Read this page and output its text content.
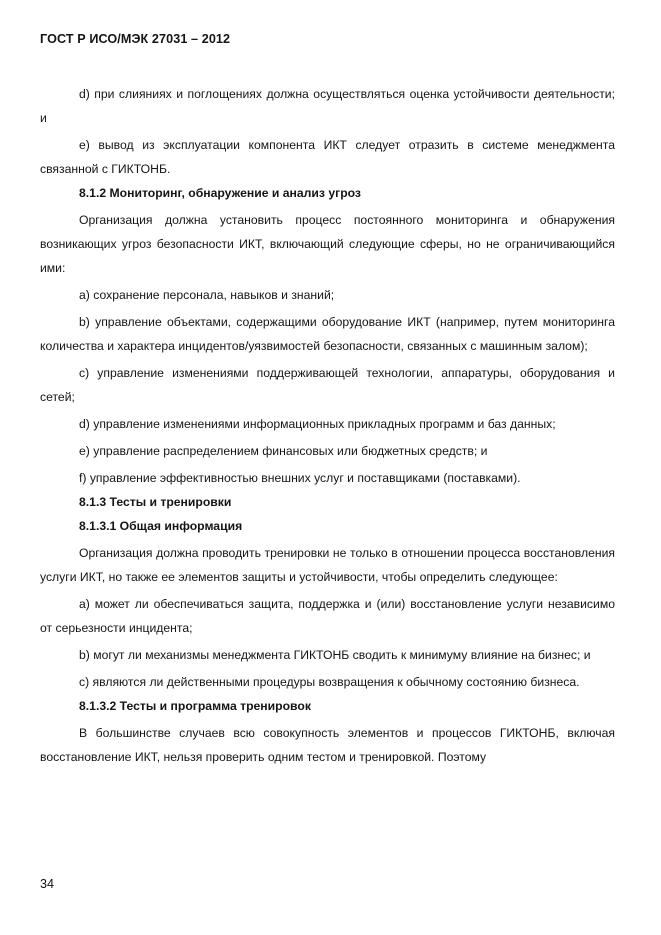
ГОСТ Р ИСО/МЭК 27031 – 2012

d) при слияниях и поглощениях должна осуществляться оценка устойчивости деятельности; и

e) вывод из эксплуатации компонента ИКТ следует отразить в системе менеджмента связанной с ГИКТОНБ.

8.1.2 Мониторинг, обнаружение и анализ угроз

Организация должна установить процесс постоянного мониторинга и обнаружения возникающих угроз безопасности ИКТ, включающий следующие сферы, но не ограничивающийся ими:

a) сохранение персонала, навыков и знаний;

b) управление объектами, содержащими оборудование ИКТ (например, путем мониторинга количества и характера инцидентов/уязвимостей безопасности, связанных с машинным залом);

c) управление изменениями поддерживающей технологии, аппаратуры, оборудования и сетей;

d) управление изменениями информационных прикладных программ и баз данных;

e) управление распределением финансовых или бюджетных средств; и

f) управление эффективностью внешних услуг и поставщиками (поставками).

8.1.3 Тесты и тренировки

8.1.3.1 Общая информация

Организация должна проводить тренировки не только в отношении процесса восстановления услуги ИКТ, но также ее элементов защиты и устойчивости, чтобы определить следующее:

a) может ли обеспечиваться защита, поддержка и (или) восстановление услуги независимо от серьезности инцидента;

b) могут ли механизмы менеджмента ГИКТОНБ сводить к минимуму влияние на бизнес; и

c) являются ли действенными процедуры возвращения к обычному состоянию бизнеса.

8.1.3.2 Тесты и программа тренировок

В большинстве случаев всю совокупность элементов и процессов ГИКТОНБ, включая восстановление ИКТ, нельзя проверить одним тестом и тренировкой. Поэтому

34
